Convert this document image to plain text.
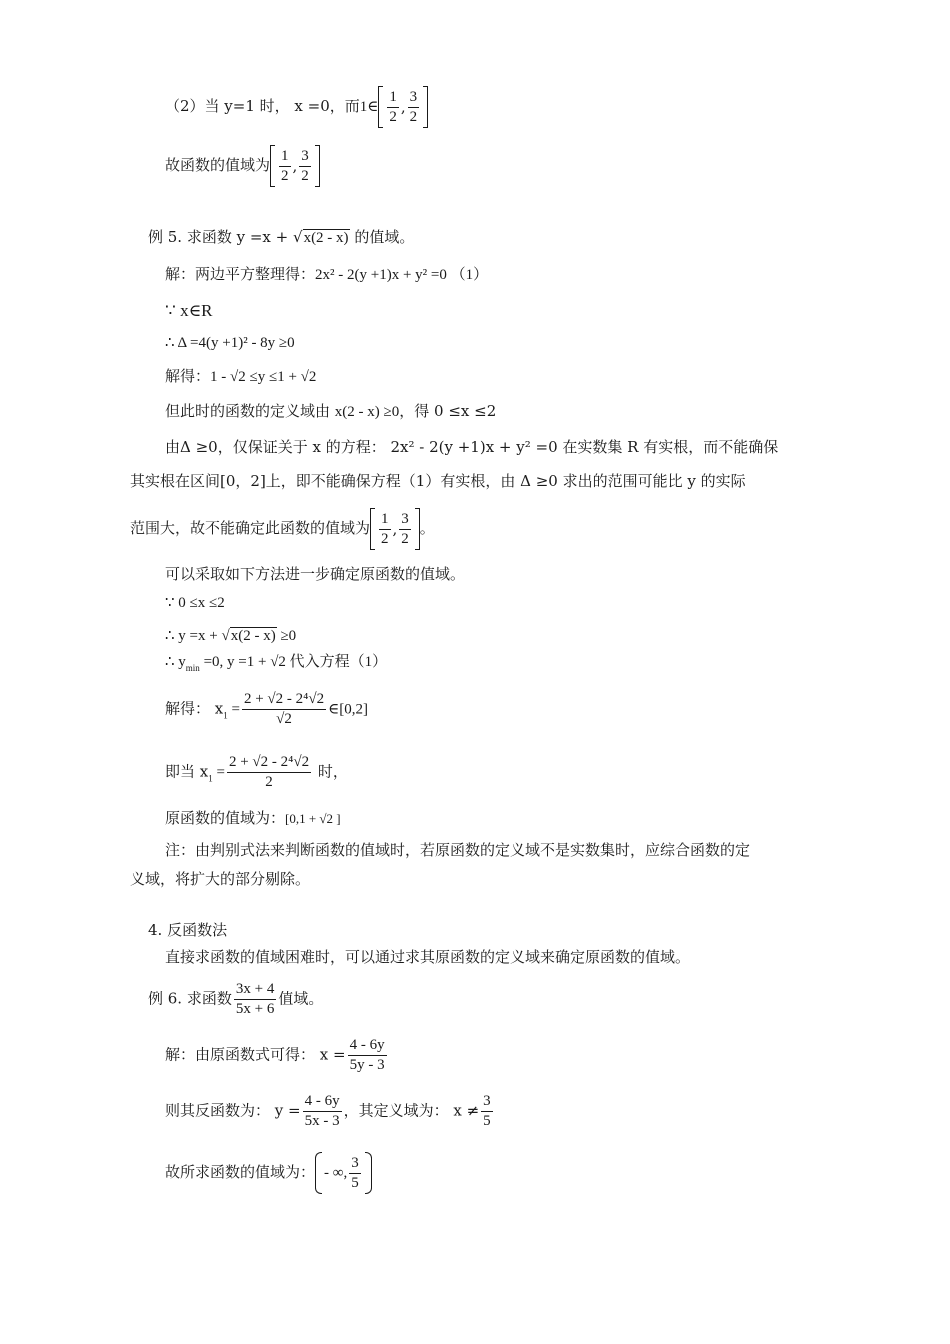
（2）当 y=1 时， x =0，而1∈ $\frac{1}{2}$ , $\frac{3}{2}$
故函数的值域为 $\frac{1}{2}$ , $\frac{3}{2}$
例 5. 求函数 y =x + √x(2 - x) 的值域。
解：两边平方整理得：2x² - 2(y +1)x + y² =0 （1）
∵ x∈R
∴ Δ =4(y +1)² - 8y ≥0
解得：1 - √2 ≤y ≤1 + √2
但此时的函数的定义域由 x(2 - x) ≥0，得 0 ≤x ≤2
由Δ ≥0，仅保证关于 x 的方程： 2x² - 2(y +1)x + y² =0 在实数集 R 有实根，而不能确保
其实根在区间[0，2]上，即不能确保方程（1）有实根，由 Δ ≥0 求出的范围可能比 y 的实际
范围大，故不能确定此函数的值域为 $\frac{1}{2}$ , $\frac{3}{2}$ 。
可以采取如下方法进一步确定原函数的值域。
∵ 0 ≤x ≤2
∴ y =x + √x(2 - x) ≥0
∴ $y_{min} =0$, y =1 + √2 代入方程（1）
解得： $x_1 = \frac{\text{2 + √2 - 2⁴√2}}{√2}$ ∈[0,2]
即当 $x_1 = \frac{\text{2 + √2 - 2⁴√2}}{2}$ 时，
原函数的值域为：[0,1 + √2 ]
注：由判别式法来判断函数的值域时，若原函数的定义域不是实数集时，应综合函数的定
义域，将扩大的部分剔除。
4. 反函数法
直接求函数的值域困难时，可以通过求其原函数的定义域来确定原函数的值域。
例 6. 求函数 $\frac{3x + 4}{5x + 6}$ 值域。
解：由原函数式可得： $x = \frac{4 - 6y}{5y - 3}$
则其反函数为： $y = \frac{4 - 6y}{5x - 3}$ ，其定义域为： $x \ne \frac{3}{5}$
故所求函数的值域为： - ∞, $\frac{3}{5}$
